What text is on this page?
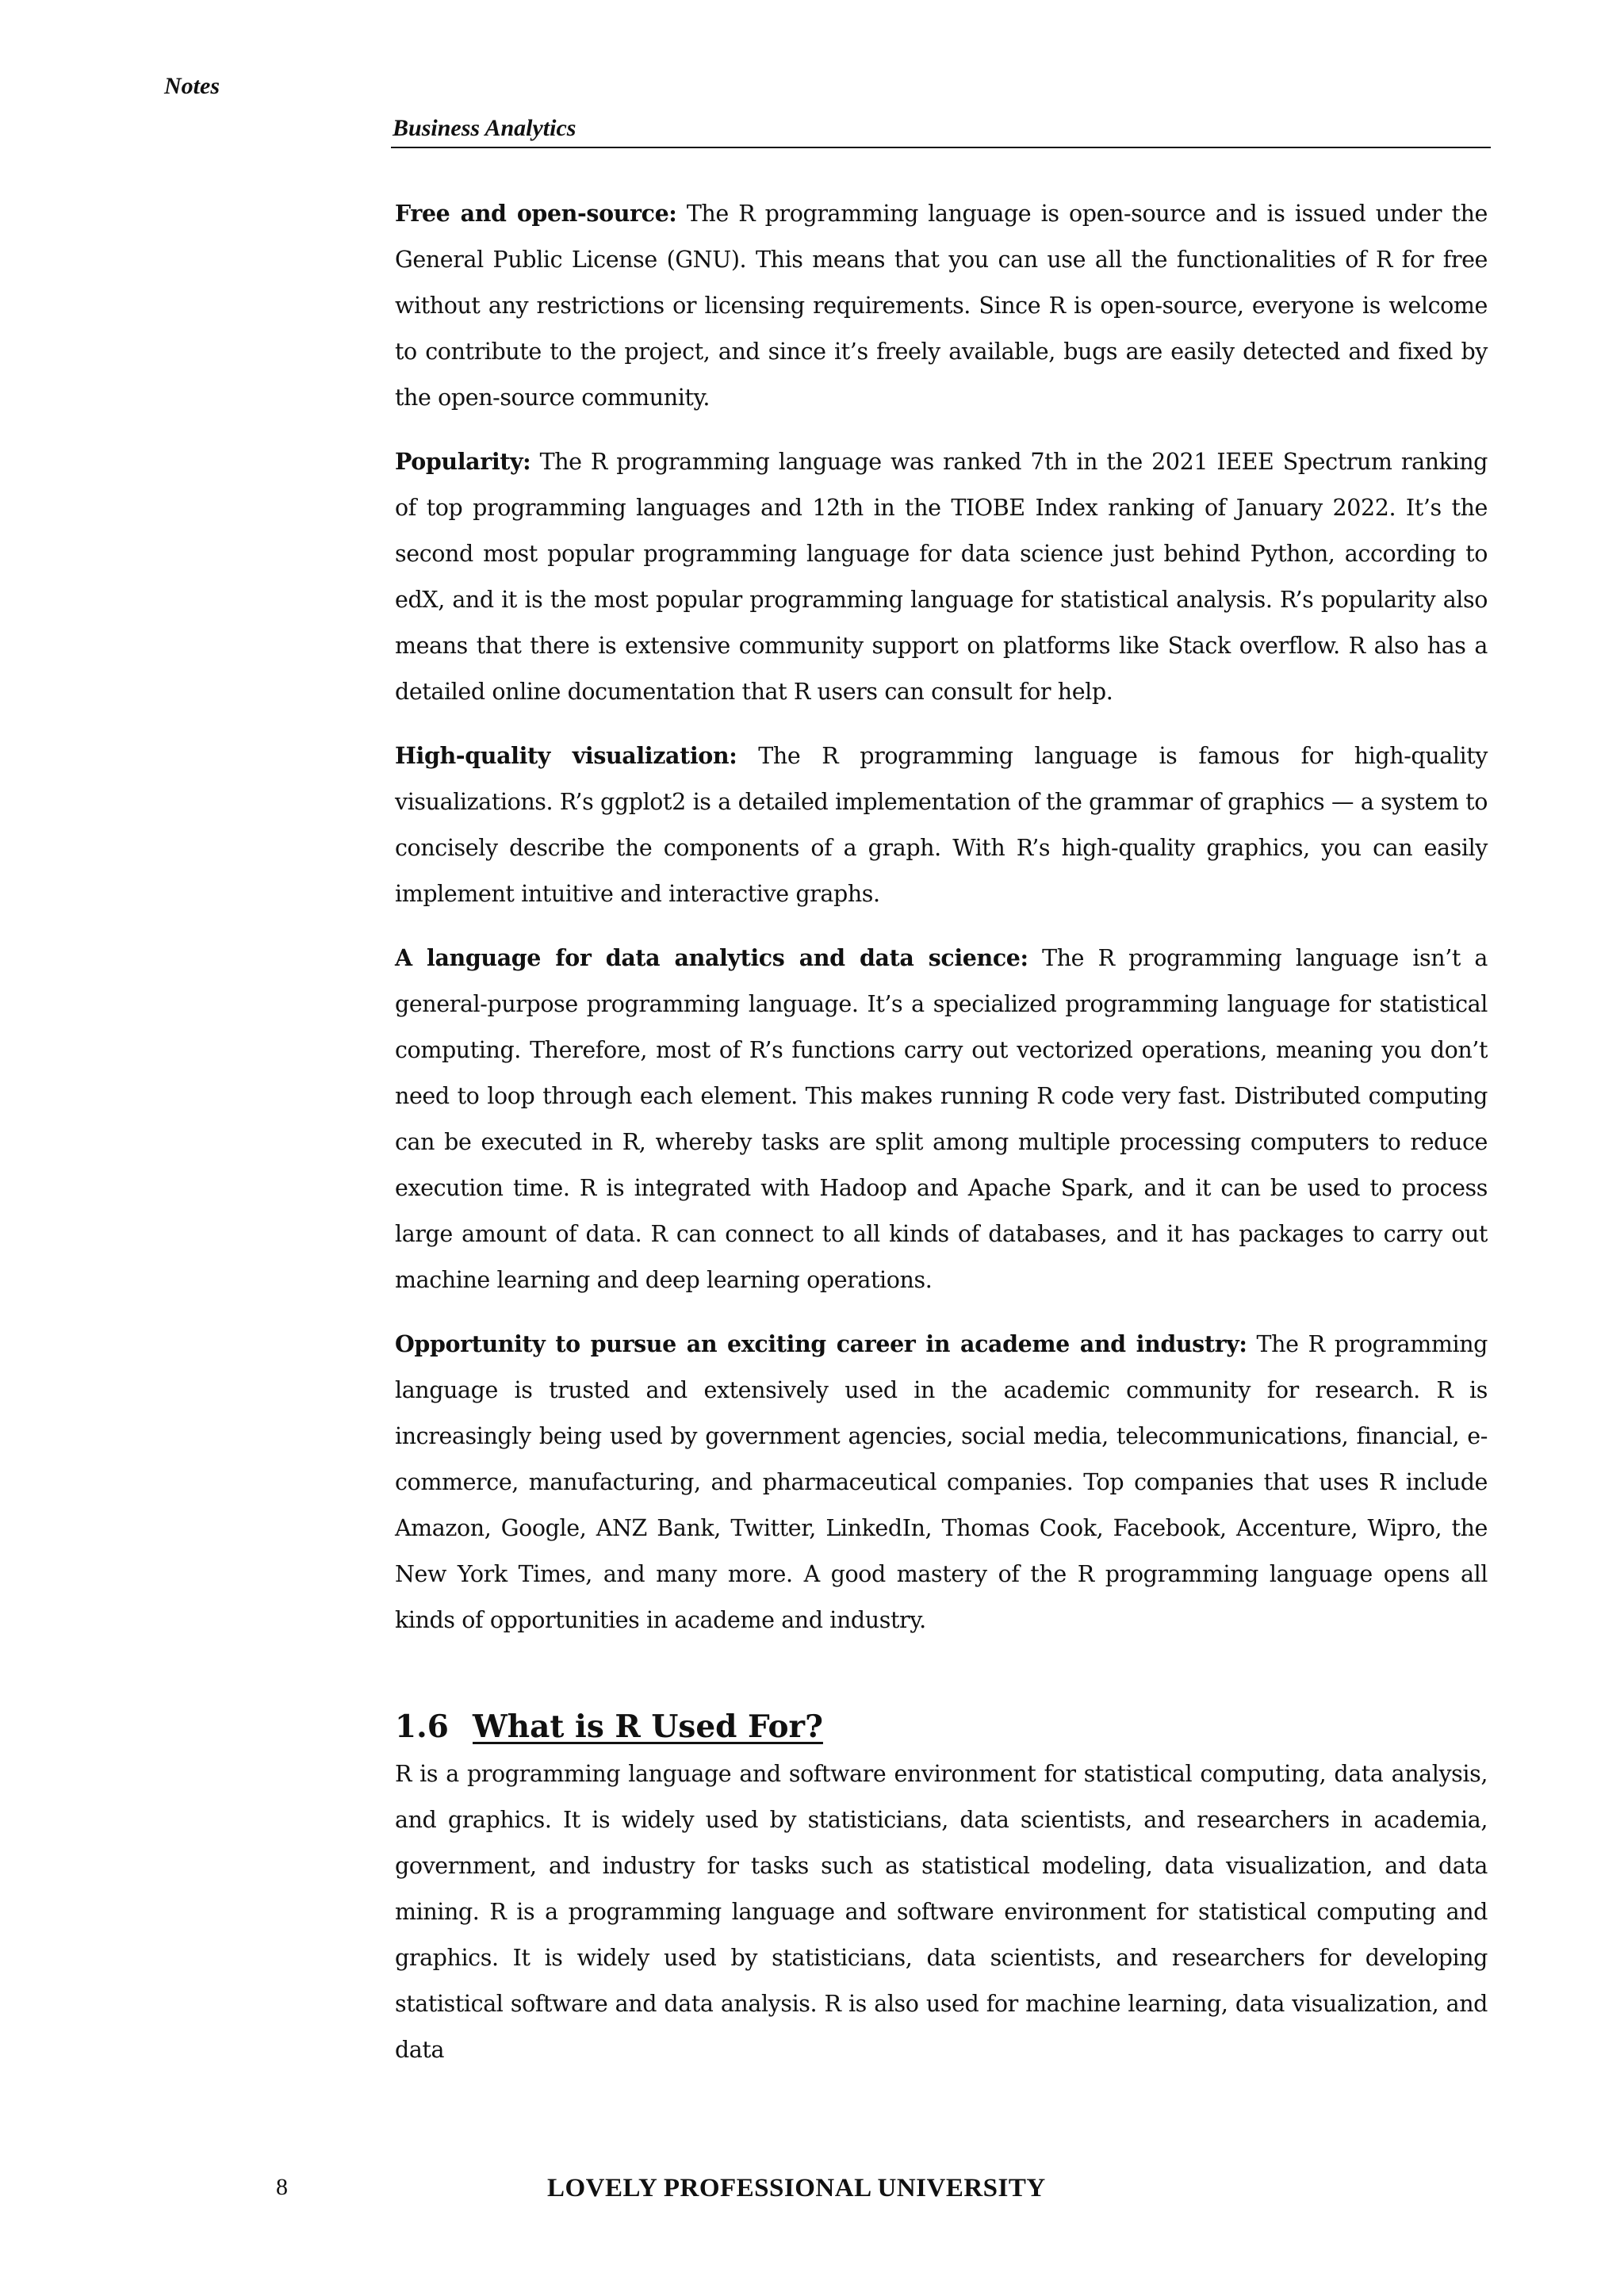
Notes
Business Analytics

Free and open-source: The R programming language is open-source and is issued under the General Public License (GNU). This means that you can use all the functionalities of R for free without any restrictions or licensing requirements. Since R is open-source, everyone is welcome to contribute to the project, and since it’s freely available, bugs are easily detected and fixed by the open-source community.

Popularity: The R programming language was ranked 7th in the 2021 IEEE Spectrum ranking of top programming languages and 12th in the TIOBE Index ranking of January 2022. It’s the second most popular programming language for data science just behind Python, according to edX, and it is the most popular programming language for statistical analysis. R’s popularity also means that there is extensive community support on platforms like Stack overflow. R also has a detailed online documentation that R users can consult for help.

High-quality visualization: The R programming language is famous for high-quality visualizations. R’s ggplot2 is a detailed implementation of the grammar of graphics — a system to concisely describe the components of a graph. With R’s high-quality graphics, you can easily implement intuitive and interactive graphs.

A language for data analytics and data science: The R programming language isn’t a general-purpose programming language. It’s a specialized programming language for statistical computing. Therefore, most of R’s functions carry out vectorized operations, meaning you don’t need to loop through each element. This makes running R code very fast. Distributed computing can be executed in R, whereby tasks are split among multiple processing computers to reduce execution time. R is integrated with Hadoop and Apache Spark, and it can be used to process large amount of data. R can connect to all kinds of databases, and it has packages to carry out machine learning and deep learning operations.

Opportunity to pursue an exciting career in academe and industry: The R programming language is trusted and extensively used in the academic community for research. R is increasingly being used by government agencies, social media, telecommunications, financial, e-commerce, manufacturing, and pharmaceutical companies. Top companies that uses R include Amazon, Google, ANZ Bank, Twitter, LinkedIn, Thomas Cook, Facebook, Accenture, Wipro, the New York Times, and many more. A good mastery of the R programming language opens all kinds of opportunities in academe and industry.

1.6 What is R Used For?

R is a programming language and software environment for statistical computing, data analysis, and graphics. It is widely used by statisticians, data scientists, and researchers in academia, government, and industry for tasks such as statistical modeling, data visualization, and data mining. R is a programming language and software environment for statistical computing and graphics. It is widely used by statisticians, data scientists, and researchers for developing statistical software and data analysis. R is also used for machine learning, data visualization, and data

8	LOVELY PROFESSIONAL UNIVERSITY
